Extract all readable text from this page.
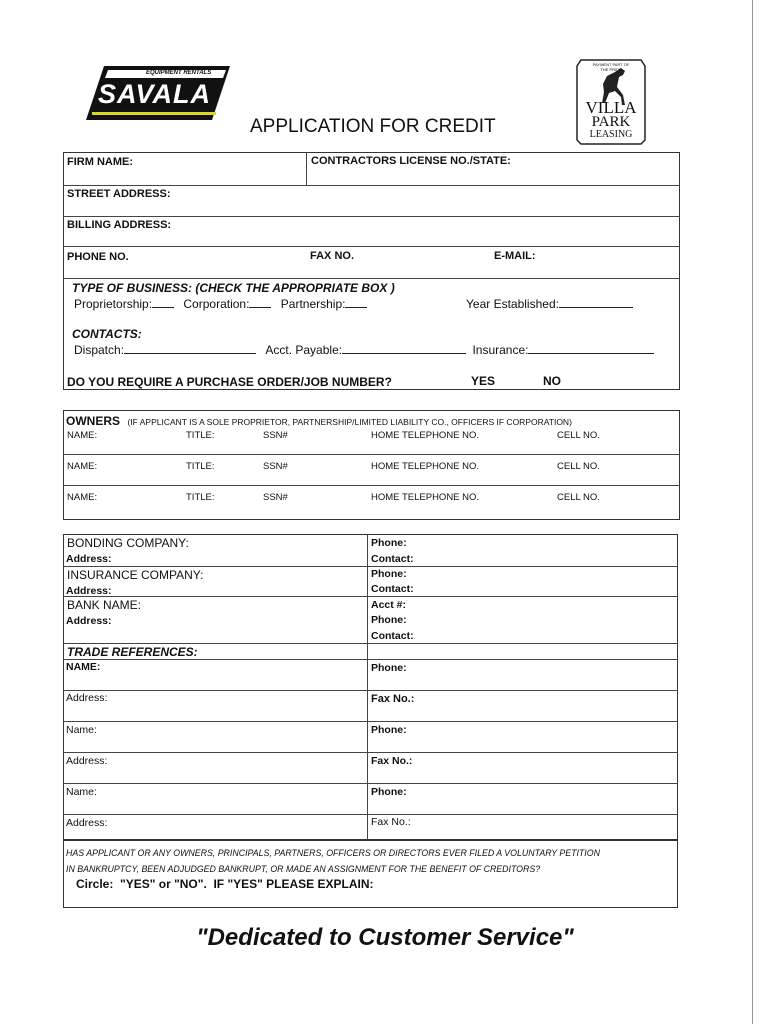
EQUIPMENT RENTALS
SAVALA
APPLICATION FOR CREDIT
PAYMENT PART OF THE PRIDE
VILLA
PARK
LEASING
FIRM NAME:	CONTRACTORS LICENSE NO./STATE:
STREET ADDRESS:
BILLING ADDRESS:
PHONE NO.	FAX NO.	E-MAIL:
TYPE OF BUSINESS: (CHECK THE APPROPRIATE BOX )
Proprietorship:	Corporation:	Partnership:	Year Established:
CONTACTS:
Dispatch:	Acct. Payable:	Insurance:
DO YOU REQUIRE A PURCHASE ORDER/JOB NUMBER?	YES	NO
OWNERS (IF APPLICANT IS A SOLE PROPRIETOR, PARTNERSHIP/LIMITED LIABILITY CO., OFFICERS IF CORPORATION)
NAME:	TITLE:	SSN#	HOME TELEPHONE NO.	CELL NO.
NAME:	TITLE:	SSN#	HOME TELEPHONE NO.	CELL NO.
NAME:	TITLE:	SSN#	HOME TELEPHONE NO.	CELL NO.
BONDING COMPANY:
Address:
Phone:
Contact:
INSURANCE COMPANY:
Address:
Phone:
Contact:
BANK NAME:
Address:
Acct #:
Phone:
Contact:
TRADE REFERENCES:
NAME:	Phone:
Address:	Fax No.:
Name:	Phone:
Address:	Fax No.:
Name:	Phone:
Address:	Fax No.:
HAS APPLICANT OR ANY OWNERS, PRINCIPALS, PARTNERS, OFFICERS OR DIRECTORS EVER FILED A VOLUNTARY PETITION
IN BANKRUPTCY, BEEN ADJUDGED BANKRUPT, OR MADE AN ASSIGNMENT FOR THE BENEFIT OF CREDITORS?
Circle:  "YES" or "NO".  IF "YES" PLEASE EXPLAIN:
"Dedicated to Customer Service"
